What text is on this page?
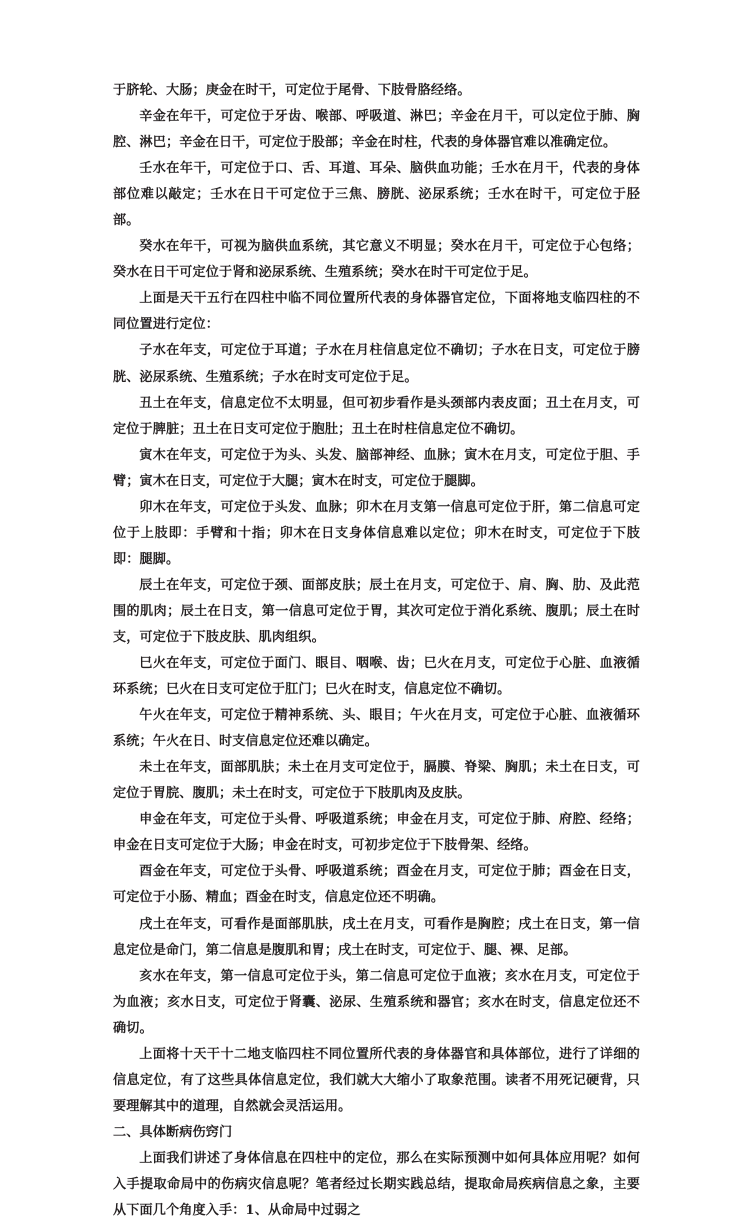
于脐轮、大肠；庚金在时干，可定位于尾骨、下肢骨胳经络。

辛金在年干，可定位于牙齿、喉部、呼吸道、淋巴；辛金在月干，可以定位于肺、胸腔、淋巴；辛金在日干，可定位于股部；辛金在时柱，代表的身体器官难以准确定位。

壬水在年干，可定位于口、舌、耳道、耳朵、脑供血功能；壬水在月干，代表的身体部位难以敲定；壬水在日干可定位于三焦、膀胱、泌尿系统；壬水在时干，可定位于胫部。

癸水在年干，可视为脑供血系统，其它意义不明显；癸水在月干，可定位于心包络；癸水在日干可定位于肾和泌尿系统、生殖系统；癸水在时干可定位于足。

上面是天干五行在四柱中临不同位置所代表的身体器官定位，下面将地支临四柱的不同位置进行定位：

子水在年支，可定位于耳道；子水在月柱信息定位不确切；子水在日支，可定位于膀胱、泌尿系统、生殖系统；子水在时支可定位于足。

丑土在年支，信息定位不太明显，但可初步看作是头颈部内表皮面；丑土在月支，可定位于脾脏；丑土在日支可定位于胞肚；丑土在时柱信息定位不确切。

寅木在年支，可定位于为头、头发、脑部神经、血脉；寅木在月支，可定位于胆、手臂；寅木在日支，可定位于大腿；寅木在时支，可定位于腿脚。

卯木在年支，可定位于头发、血脉；卯木在月支第一信息可定位于肝，第二信息可定位于上肢即：手臂和十指；卯木在日支身体信息难以定位；卯木在时支，可定位于下肢即：腿脚。

辰土在年支，可定位于颈、面部皮肤；辰土在月支，可定位于、肩、胸、肋、及此范围的肌肉；辰土在日支，第一信息可定位于胃，其次可定位于消化系统、腹肌；辰土在时支，可定位于下肢皮肤、肌肉组织。

巳火在年支，可定位于面门、眼目、咽喉、齿；巳火在月支，可定位于心脏、血液循环系统；巳火在日支可定位于肛门；巳火在时支，信息定位不确切。

午火在年支，可定位于精神系统、头、眼目；午火在月支，可定位于心脏、血液循环系统；午火在日、时支信息定位还难以确定。

未土在年支，面部肌肤；未土在月支可定位于，膈膜、脊梁、胸肌；未土在日支，可定位于胃脘、腹肌；未土在时支，可定位于下肢肌肉及皮肤。

申金在年支，可定位于头骨、呼吸道系统；申金在月支，可定位于肺、府腔、经络；申金在日支可定位于大肠；申金在时支，可初步定位于下肢骨架、经络。

酉金在年支，可定位于头骨、呼吸道系统；酉金在月支，可定位于肺；酉金在日支，可定位于小肠、精血；酉金在时支，信息定位还不明确。

戌土在年支，可看作是面部肌肤，戌土在月支，可看作是胸腔；戌土在日支，第一信息定位是命门，第二信息是腹肌和胃；戌土在时支，可定位于、腿、裸、足部。

亥水在年支，第一信息可定位于头，第二信息可定位于血液；亥水在月支，可定位于为血液；亥水日支，可定位于肾囊、泌尿、生殖系统和器官；亥水在时支，信息定位还不确切。

上面将十天干十二地支临四柱不同位置所代表的身体器官和具体部位，进行了详细的信息定位，有了这些具体信息定位，我们就大大缩小了取象范围。读者不用死记硬背，只要理解其中的道理，自然就会灵活运用。

二、具体断病伤窍门

上面我们讲述了身体信息在四柱中的定位，那么在实际预测中如何具体应用呢？如何入手提取命局中的伤病灾信息呢？笔者经过长期实践总结，提取命局疾病信息之象，主要从下面几个角度入手：1、从命局中过弱之
